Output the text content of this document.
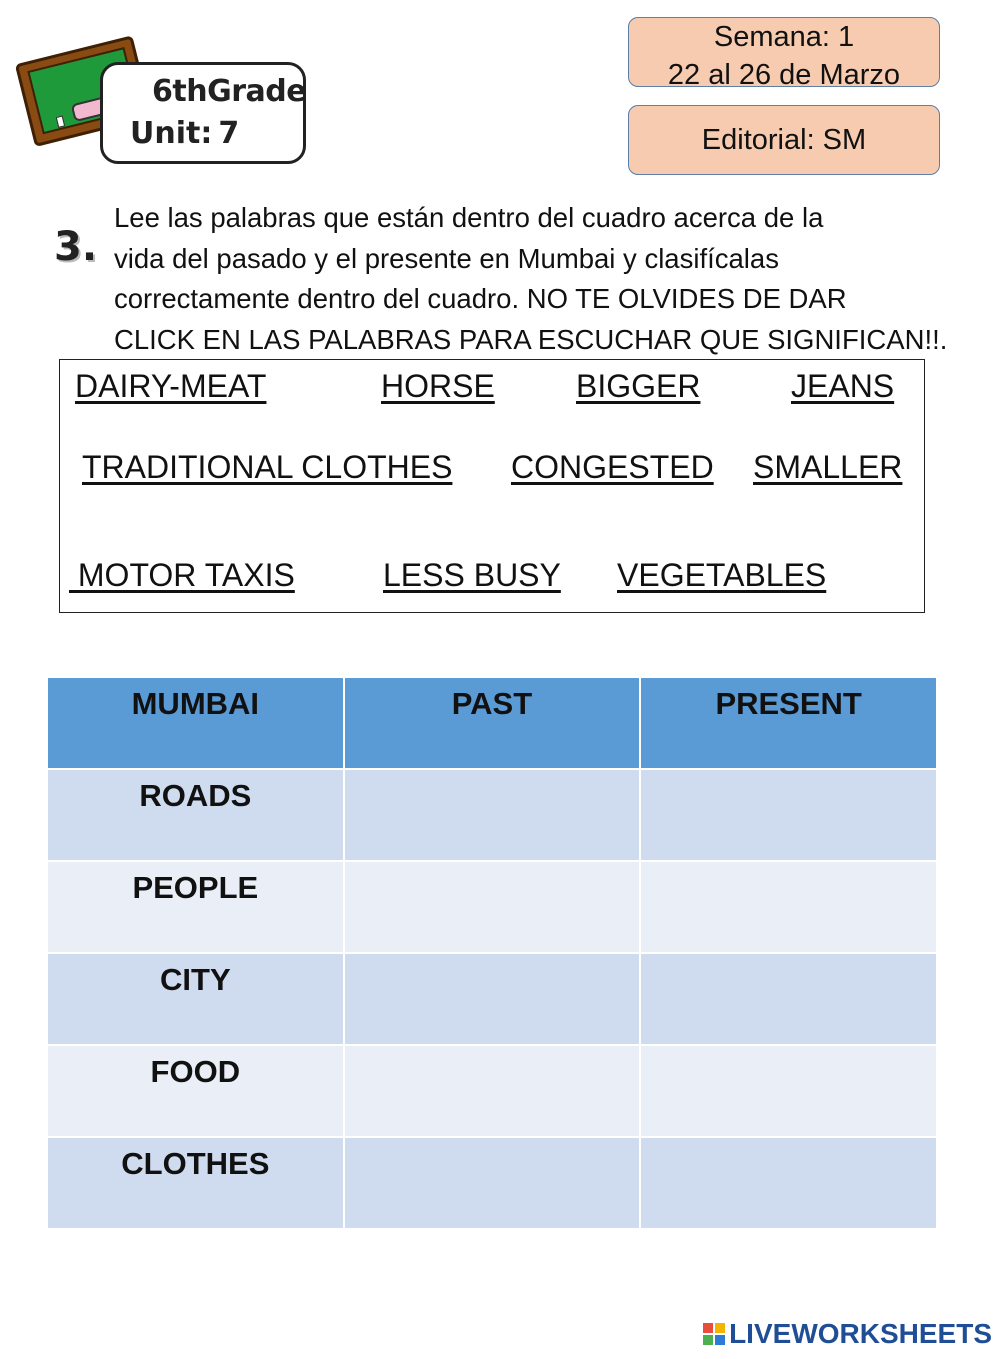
6thGrade
Unit: 7
Semana: 1
22 al 26 de Marzo
Editorial: SM
3.
Lee las palabras que están dentro del cuadro acerca de la
vida del pasado y el presente en Mumbai y clasifícalas
correctamente dentro del cuadro. NO TE OLVIDES DE DAR
CLICK EN LAS PALABRAS PARA ESCUCHAR QUE SIGNIFICAN!!.
DAIRY-MEAT	HORSE	BIGGER	JEANS
TRADITIONAL CLOTHES CONGESTED SMALLER
MOTOR TAXIS	LESS BUSY VEGETABLES
MUMBAI	PAST	PRESENT
ROADS		
PEOPLE		
CITY		
FOOD		
CLOTHES		
LIVEWORKSHEETS
